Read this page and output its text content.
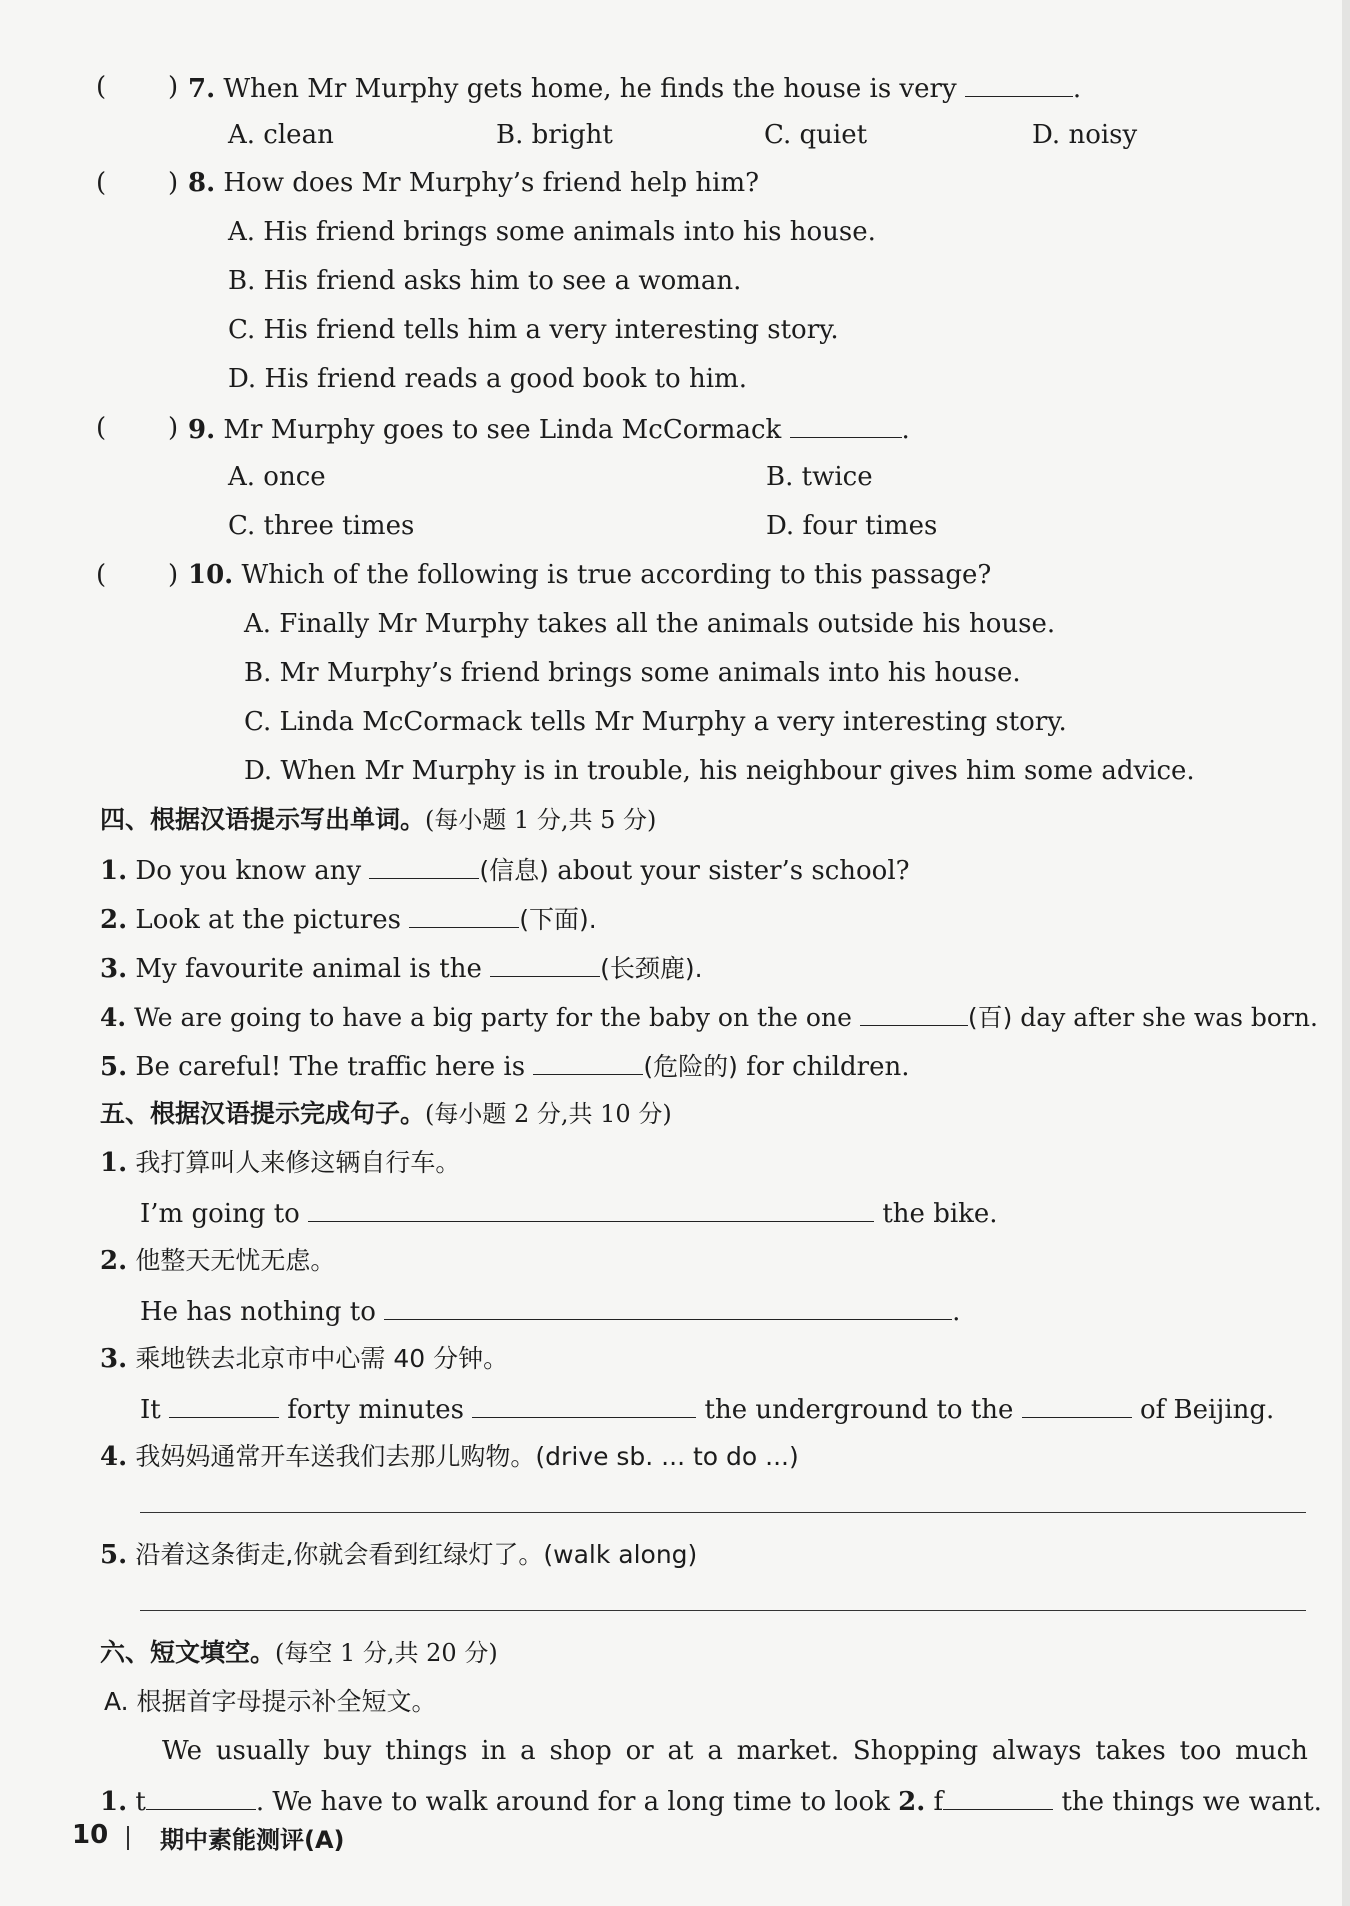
( ) 7. When Mr Murphy gets home, he finds the house is very	.
A. clean	B. bright	C. quiet	D. noisy
( ) 8. How does Mr Murphy’s friend help him?
A. His friend brings some animals into his house.
B. His friend asks him to see a woman.
C. His friend tells him a very interesting story.
D. His friend reads a good book to him.
( ) 9. Mr Murphy goes to see Linda McCormack	.
A. once	B. twice
C. three times	D. four times
( ) 10. Which of the following is true according to this passage?
A. Finally Mr Murphy takes all the animals outside his house.
B. Mr Murphy’s friend brings some animals into his house.
C. Linda McCormack tells Mr Murphy a very interesting story.
D. When Mr Murphy is in trouble, his neighbour gives him some advice.
四、根据汉语提示写出单词。(每小题 1 分,共 5 分)
1. Do you know any	(信息) about your sister’s school?
2. Look at the pictures	(下面).
3. My favourite animal is the	(长颈鹿).
4. We are going to have a big party for the baby on the one	(百) day after she was born.
5. Be careful! The traffic here is	(危险的) for children.
五、根据汉语提示完成句子。(每小题 2 分,共 10 分)
1. 我打算叫人来修这辆自行车。
I’m going to	the bike.
2. 他整天无忧无虑。
He has nothing to	.
3. 乘地铁去北京市中心需 40 分钟。
It	forty minutes	the underground to the	of Beijing.
4. 我妈妈通常开车送我们去那儿购物。(drive sb. ... to do ...)
5. 沿着这条街走,你就会看到红绿灯了。(walk along)
六、短文填空。(每空 1 分,共 20 分)
A. 根据首字母提示补全短文。
We usually buy things in a shop or at a market. Shopping always takes too much
1. t	. We have to walk around for a long time to look 2. f	the things we want.
10 期中素能测评(A)
